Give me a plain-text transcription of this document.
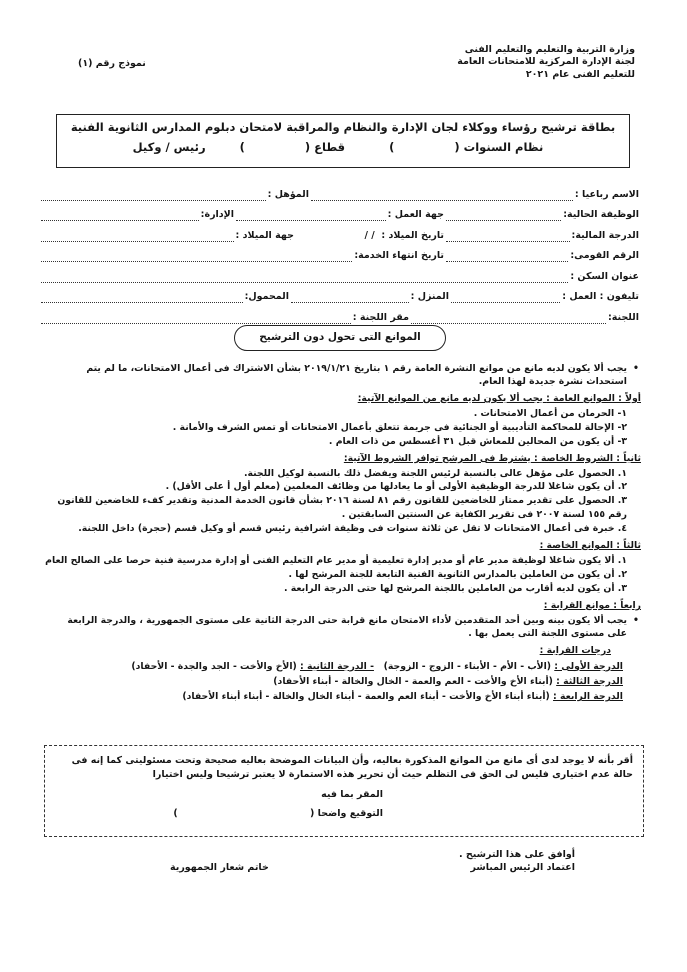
وزارة التربية والتعليم والتعليم الفنى
لجنة الإدارة المركزية للامتحانات العامة
للتعليم الفنى عام ٢٠٢١
نموذج رقم (١)
بطاقة ترشيح رؤساء ووكلاء لجان الإدارة والنظام والمراقبة لامتحان دبلوم المدارس الثانوية الفنية
نظام السنوات (          ) قطاع (          ) رئيس / وكيل
الاسم رباعيا :
المؤهل :
الوظيفة الحالية:
جهة العمل :
الإدارة:
الدرجة المالية:
تاريخ الميلاد :

/ /
جهة الميلاد :
الرقم القومى:
تاريخ انتهاء الخدمة:
عنوان السكن :
تليفون : العمل :
المنزل :
المحمول:
اللجنة:
مقر اللجنة :
الموانع التى تحول دون الترشيح
• يجب ألا يكون لديه مانع من موانع النشرة العامة رقم ١ بتاريخ ٢٠١٩/١/٢١ بشأن الاشتراك فى أعمال الامتحانات، ما لم يتم استحداث نشرة جديدة لهذا العام.
أولاً : الموانع العامة : يجب ألا يكون لديه مانع من الموانع الآتية:
١- الحرمان من أعمال الامتحانات .
٢- الإحالة للمحاكمة التأديبية أو الجنائية فى جريمة تتعلق بأعمال الامتحانات أو تمس الشرف والأمانة .
٣- أن يكون من المحالين للمعاش قبل ٣١ أغسطس من ذات العام .
ثانياً : الشروط الخاصة : يشترط فى المرشح توافر الشروط الآتية:
١. الحصول على مؤهل عالى بالنسبة لرئيس اللجنة ويفضل ذلك بالنسبة لوكيل اللجنة.
٢. أن يكون شاغلا للدرجة الوظيفية الأولى أو ما يعادلها من وظائف المعلمين (معلم أول أ على الأقل) .
٣. الحصول على تقدير ممتاز للخاضعين للقانون رقم ٨١ لسنة ٢٠١٦ بشأن قانون الخدمة المدنية وتقدير كفء للخاضعين للقانون رقم ١٥٥ لسنة ٢٠٠٧ فى تقرير الكفاية عن السنتين السابقتين .
٤. خبرة فى أعمال الامتحانات لا تقل عن ثلاثة سنوات فى وظيفة اشرافية رئيس قسم أو وكيل قسم (حجرة) داخل اللجنة.
ثالثاً : الموانع الخاصة :
١. ألا يكون شاغلا لوظيفة مدير عام أو مدير إدارة تعليمية أو مدير عام التعليم الفنى أو إدارة مدرسية فنية حرصا على الصالح العام
٢. أن يكون من العاملين بالمدارس الثانوية الفنية التابعة للجنة المرشح لها .
٣. أن يكون لديه أقارب من العاملين باللجنة المرشح لها حتى الدرجة الرابعة .
رابعاً : موانع القرابة :
• يجب ألا يكون بينه وبين أحد المتقدمين لأداء الامتحان مانع قرابة حتى الدرجة الثانية على مستوى الجمهورية ، والدرجة الرابعة على مستوى اللجنة التى يعمل بها .
درجات القرابة :
الدرجة الأولى : (الأب - الأم - الأبناء - الزوج - الزوجة)   - الدرجة الثانية : (الأخ والأخت - الجد والجدة - الأحفاد)
الدرجة الثالثة : (أبناء الأخ والأخت - العم والعمة - الخال والخالة - أبناء الأحفاد)
الدرجة الرابعة : (أبناء أبناء الأخ والأخت - أبناء العم والعمة - أبناء الخال والخالة - أبناء أبناء الأحفاد)
أقر بأنه لا يوجد لدى أى مانع من الموانع المذكورة بعاليه، وأن البيانات الموضحة بعاليه صحيحة وتحت مسئوليتى كما إنه فى حالة عدم اختيارى فليس لى الحق فى التظلم حيث أن تحرير هذه الاستمارة لا يعتبر ترشيحا وليس اختيارا
المقر بما فيه
التوقيع واضحا (                                        )
أوافق على هذا الترشيح .
اعتماد الرئيس المباشر
خاتم شعار الجمهورية
